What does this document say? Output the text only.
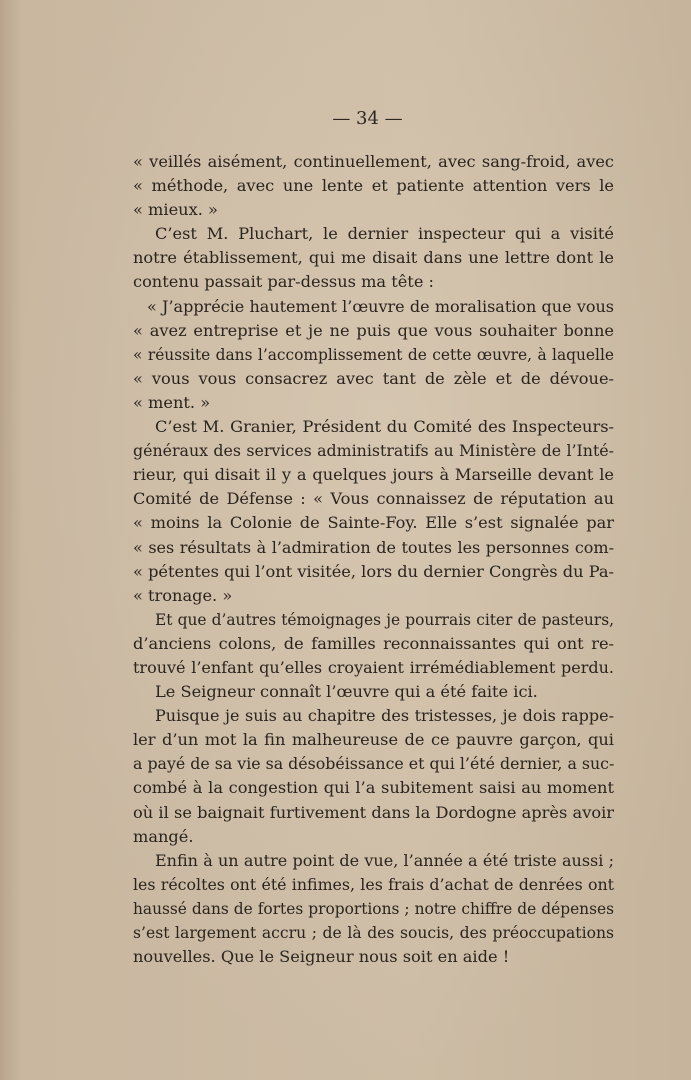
— 34 —
« veillés aisément, continuellement, avec sang-froid, avec
« méthode, avec une lente et patiente attention vers le
« mieux. »
C’est M. Pluchart, le dernier inspecteur qui a visité
notre établissement, qui me disait dans une lettre dont le
contenu passait par-dessus ma tête :
« J’apprécie hautement l’œuvre de moralisation que vous
« avez entreprise et je ne puis que vous souhaiter bonne
« réussite dans l’accomplissement de cette œuvre, à laquelle
« vous vous consacrez avec tant de zèle et de dévoue-
« ment. »
C’est M. Granier, Président du Comité des Inspecteurs-
généraux des services administratifs au Ministère de l’Inté-
rieur, qui disait il y a quelques jours à Marseille devant le
Comité de Défense : « Vous connaissez de réputation au
« moins la Colonie de Sainte-Foy. Elle s’est signalée par
« ses résultats à l’admiration de toutes les personnes com-
« pétentes qui l’ont visitée, lors du dernier Congrès du Pa-
« tronage. »
Et que d’autres témoignages je pourrais citer de pasteurs,
d’anciens colons, de familles reconnaissantes qui ont re-
trouvé l’enfant qu’elles croyaient irrémédiablement perdu.
Le Seigneur connaît l’œuvre qui a été faite ici.
Puisque je suis au chapitre des tristesses, je dois rappe-
ler d’un mot la fin malheureuse de ce pauvre garçon, qui
a payé de sa vie sa désobéissance et qui l’été dernier, a suc-
combé à la congestion qui l’a subitement saisi au moment
où il se baignait furtivement dans la Dordogne après avoir
mangé.
Enfin à un autre point de vue, l’année a été triste aussi ;
les récoltes ont été infimes, les frais d’achat de denrées ont
haussé dans de fortes proportions ; notre chiffre de dépenses
s’est largement accru ; de là des soucis, des préoccupations
nouvelles. Que le Seigneur nous soit en aide !
